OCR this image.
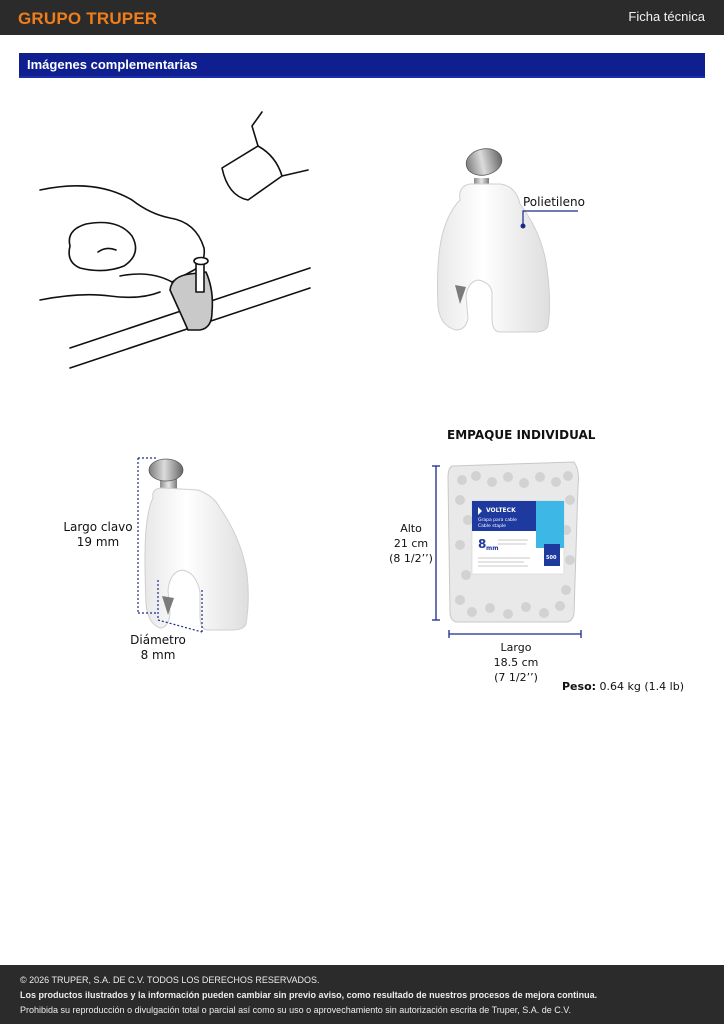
GRUPO TRUPER	Ficha técnica
Imágenes complementarias
VOLTECK
Grapa para cable
Cable staple
8 mm
500
Polietileno
Largo clavo
19 mm
Diámetro
8 mm
EMPAQUE INDIVIDUAL
Alto
21 cm
(8 1/2’’)
Largo
18.5 cm
(7 1/2’’)
Peso: 0.64 kg (1.4 lb)
© 2026 TRUPER, S.A. DE C.V. TODOS LOS DERECHOS RESERVADOS.
Los productos ilustrados y la información pueden cambiar sin previo aviso, como resultado de nuestros procesos de mejora continua.
Prohibida su reproducción o divulgación total o parcial así como su uso o aprovechamiento sin autorización escrita de Truper, S.A. de C.V.
